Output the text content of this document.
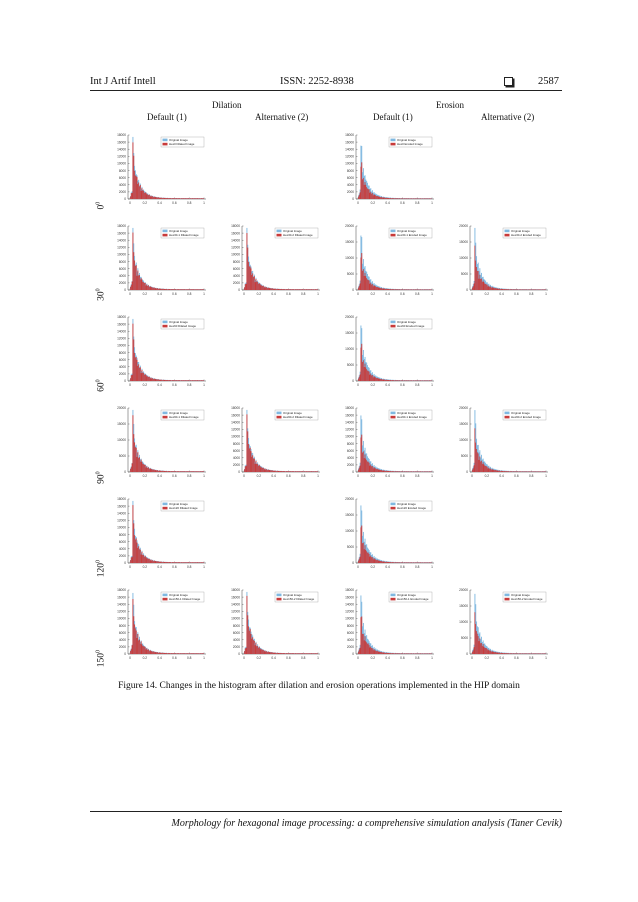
Int J Artif Intell	ISSN: 2252-8938	2587
Dilation	Erosion
Default (1)	Alternative (2)	Default (1)	Alternative (2)
$0^0$
$30^0$
$60^0$
$90^0$
$120^0$
$150^0$
0
2000
4000
6000
8000
10000
12000
14000
16000
18000
0	0.2	0.4	0.6	0.8	1
Original Image
Hex0 Dilated Image
0
2000
4000
6000
8000
10000
12000
14000
16000
18000
0	0.2	0.4	0.6	0.8	1
Original Image
Hex0 Eroded Image
0
2000
4000
6000
8000
10000
12000
14000
16000
18000
0	0.2	0.4	0.6	0.8	1
Original Image
Hex30-1 Dilated Image
0
2000
4000
6000
8000
10000
12000
14000
16000
18000
0	0.2	0.4	0.6	0.8	1
Original Image
Hex30-2 Dilated Image
0
5000
10000
15000
20000
0	0.2	0.4	0.6	0.8	1
Original Image
Hex30-1 Eroded Image
0
5000
10000
15000
20000
0	0.2	0.4	0.6	0.8	1
Original Image
Hex30-2 Eroded Image
0
2000
4000
6000
8000
10000
12000
14000
16000
18000
0	0.2	0.4	0.6	0.8	1
Original Image
Hex60 Dilated Image
0
5000
10000
15000
20000
0	0.2	0.4	0.6	0.8	1
Original Image
Hex60 Eroded Image
0
5000
10000
15000
20000
0	0.2	0.4	0.6	0.8	1
Original Image
Hex90-1 Dilated Image
0
2000
4000
6000
8000
10000
12000
14000
16000
18000
0	0.2	0.4	0.6	0.8	1
Original Image
Hex90-2 Dilated Image
0
2000
4000
6000
8000
10000
12000
14000
16000
18000
0	0.2	0.4	0.6	0.8	1
Original Image
Hex90-1 Eroded Image
0
5000
10000
15000
20000
0	0.2	0.4	0.6	0.8	1
Original Image
Hex90-2 Eroded Image
0
2000
4000
6000
8000
10000
12000
14000
16000
18000
0	0.2	0.4	0.6	0.8	1
Original Image
Hex120 Dilated Image
0
5000
10000
15000
20000
0	0.2	0.4	0.6	0.8	1
Original Image
Hex120 Eroded Image
0
2000
4000
6000
8000
10000
12000
14000
16000
18000
0	0.2	0.4	0.6	0.8	1
Original Image
Hex150-1 Dilated Image
0
2000
4000
6000
8000
10000
12000
14000
16000
18000
0	0.2	0.4	0.6	0.8	1
Original Image
Hex150-2 Dilated Image
0
2000
4000
6000
8000
10000
12000
14000
16000
18000
0	0.2	0.4	0.6	0.8	1
Original Image
Hex150-1 Eroded Image
0
5000
10000
15000
20000
0	0.2	0.4	0.6	0.8	1
Original Image
Hex150-2 Eroded Image
Figure 14. Changes in the histogram after dilation and erosion operations implemented in the HIP domain
Morphology for hexagonal image processing: a comprehensive simulation analysis (Taner Cevik)
